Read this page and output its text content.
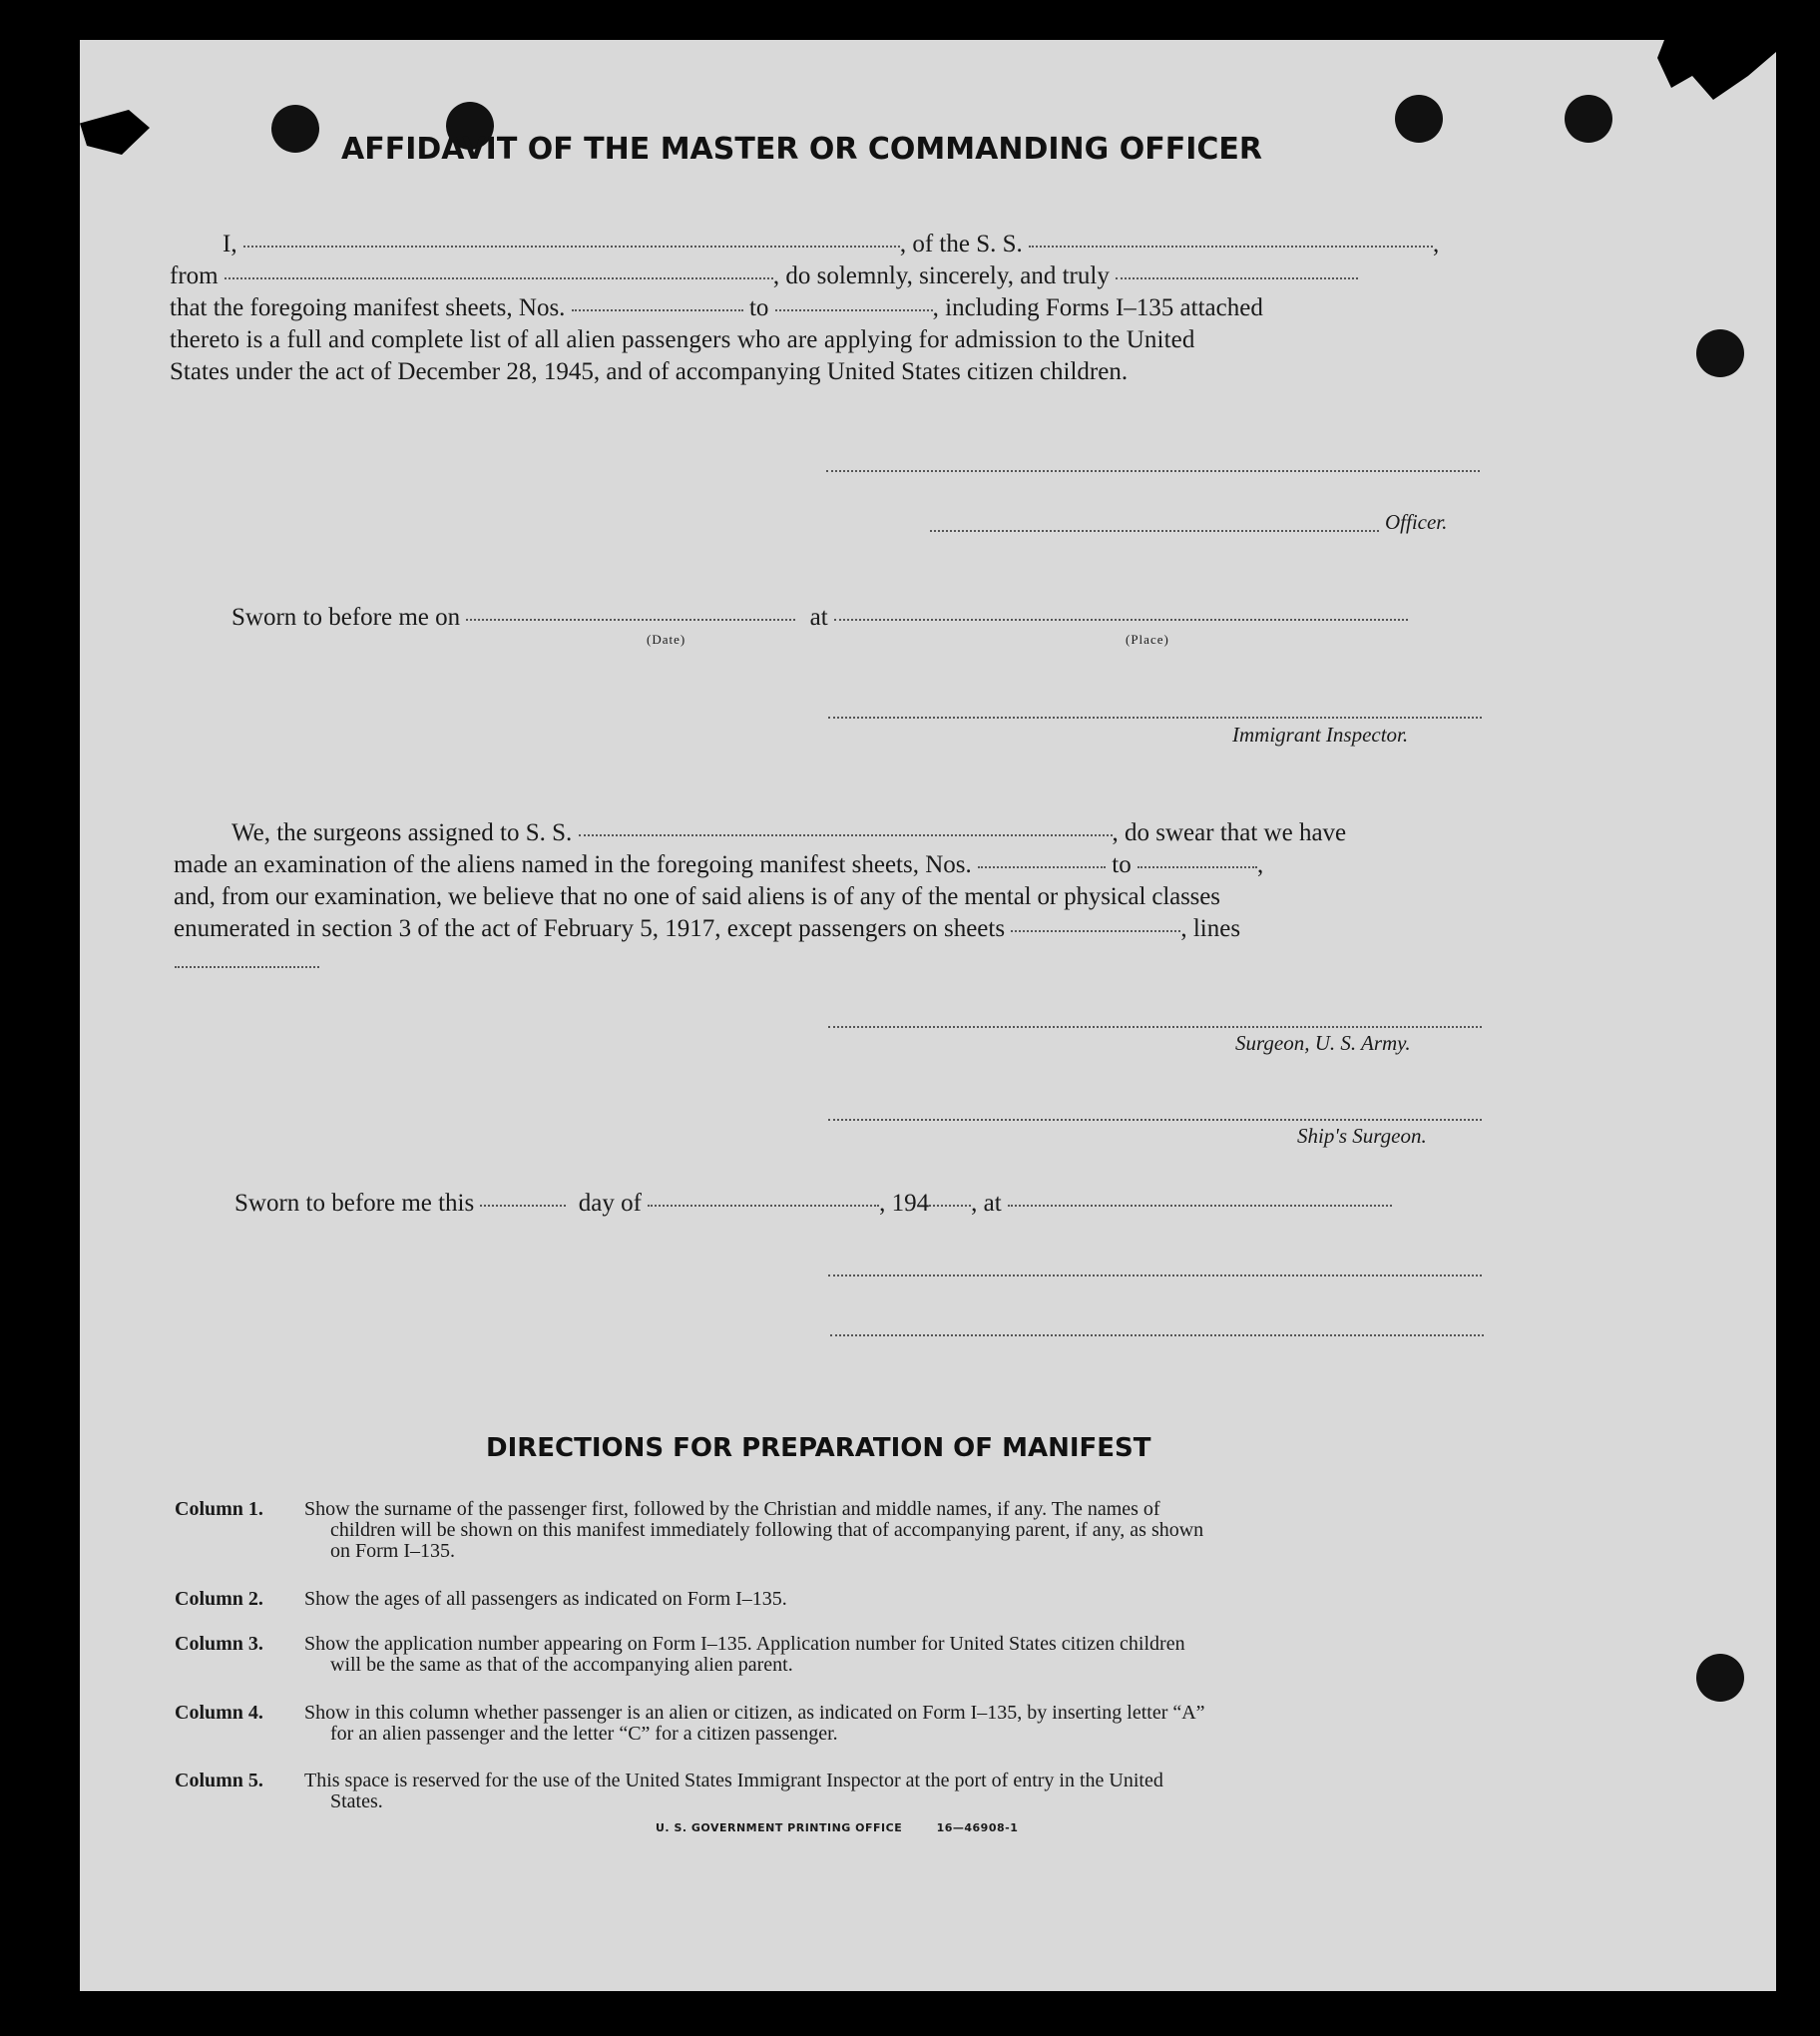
AFFIDAVIT OF THE MASTER OR COMMANDING OFFICER
I,	, of the S. S.	,
from	, do solemnly, sincerely, and truly
that the foregoing manifest sheets, Nos.	to	, including Forms I–135 attached
thereto is a full and complete list of all alien passengers who are applying for admission to the United
States under the act of December 28, 1945, and of accompanying United States citizen children.
Officer.
Sworn to before me on	at
(Date)	(Place)
Immigrant Inspector.
We, the surgeons assigned to S. S.	, do swear that we have
made an examination of the aliens named in the foregoing manifest sheets, Nos.	to	,
and, from our examination, we believe that no one of said aliens is of any of the mental or physical classes
enumerated in section 3 of the act of February 5, 1917, except passengers on sheets	, lines
Surgeon, U. S. Army.
Ship's Surgeon.
Sworn to before me this	day of	, 194 , at
DIRECTIONS FOR PREPARATION OF MANIFEST
Column 1.	Show the surname of the passenger first, followed by the Christian and middle names, if any. The names of
children will be shown on this manifest immediately following that of accompanying parent, if any, as shown
on Form I–135.
Column 2.	Show the ages of all passengers as indicated on Form I–135.
Column 3.	Show the application number appearing on Form I–135. Application number for United States citizen children
will be the same as that of the accompanying alien parent.
Column 4.	Show in this column whether passenger is an alien or citizen, as indicated on Form I–135, by inserting letter “A”
for an alien passenger and the letter “C” for a citizen passenger.
Column 5.	This space is reserved for the use of the United States Immigrant Inspector at the port of entry in the United
States.
U. S. GOVERNMENT PRINTING OFFICE	16—46908-1
